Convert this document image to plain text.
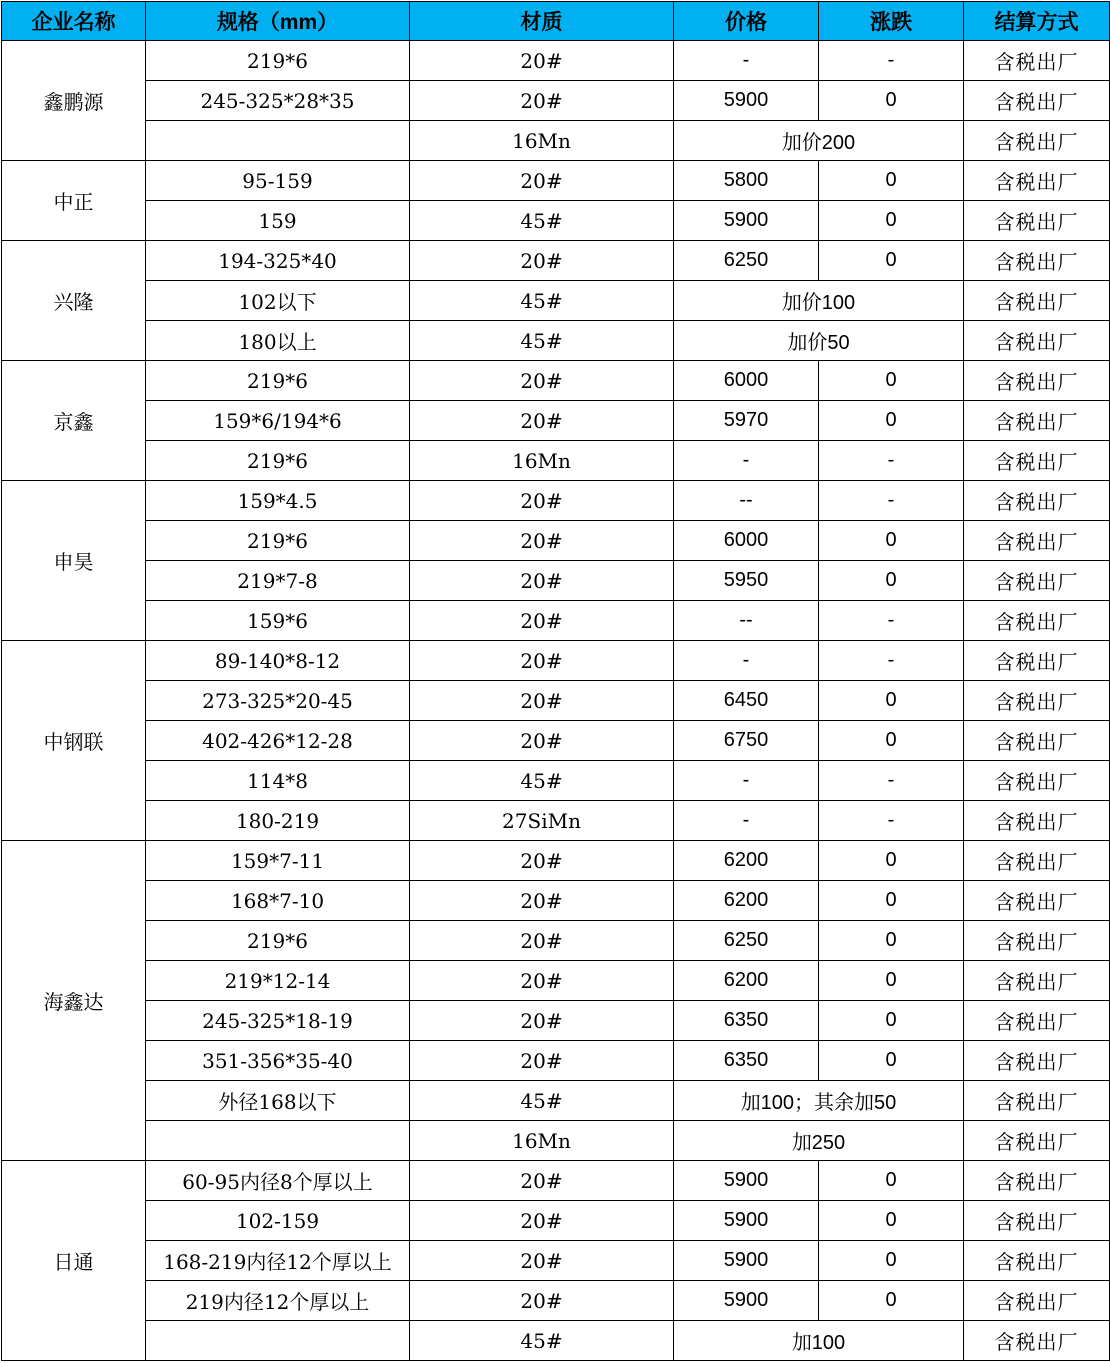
企业名称	规格（mm）	材质	价格	涨跌	结算方式
鑫鹏源	219*6	20#	-	-	含税出厂
	245-325*28*35	20#	5900	0	含税出厂
		16Mn	加价200		含税出厂
中正	95-159	20#	5800	0	含税出厂
	159	45#	5900	0	含税出厂
兴隆	194-325*40	20#	6250	0	含税出厂
	102以下	45#	加价100		含税出厂
	180以上	45#	加价50		含税出厂
京鑫	219*6	20#	6000	0	含税出厂
	159*6/194*6	20#	5970	0	含税出厂
	219*6	16Mn	-	-	含税出厂
申昊	159*4.5	20#	--	-	含税出厂
	219*6	20#	6000	0	含税出厂
	219*7-8	20#	5950	0	含税出厂
	159*6	20#	--	-	含税出厂
中钢联	89-140*8-12	20#	-	-	含税出厂
	273-325*20-45	20#	6450	0	含税出厂
	402-426*12-28	20#	6750	0	含税出厂
	114*8	45#	-	-	含税出厂
	180-219	27SiMn	-	-	含税出厂
海鑫达	159*7-11	20#	6200	0	含税出厂
	168*7-10	20#	6200	0	含税出厂
	219*6	20#	6250	0	含税出厂
	219*12-14	20#	6200	0	含税出厂
	245-325*18-19	20#	6350	0	含税出厂
	351-356*35-40	20#	6350	0	含税出厂
	外径168以下	45#	加100；其余加50		含税出厂
		16Mn	加250		含税出厂
日通	60-95内径8个厚以上	20#	5900	0	含税出厂
	102-159	20#	5900	0	含税出厂
	168-219内径12个厚以上	20#	5900	0	含税出厂
	219内径12个厚以上	20#	5900	0	含税出厂
		45#	加100		含税出厂
